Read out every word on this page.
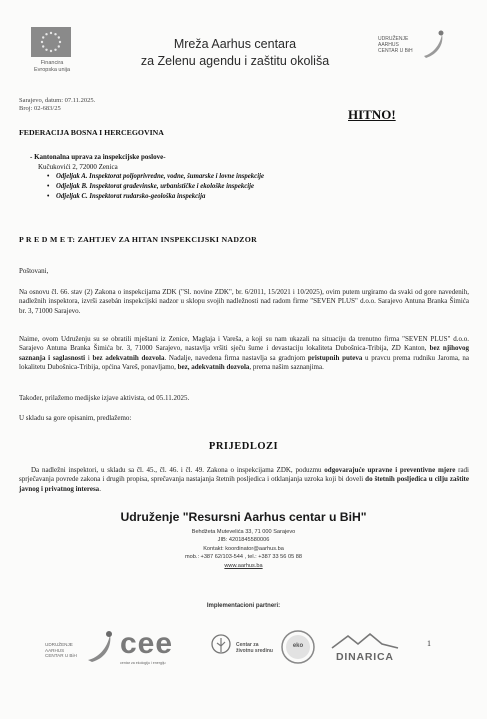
Financira
Evropska unija
Mreža Aarhus centara
za Zelenu agendu i zaštitu okoliša
UDRUŽENJE
AARHUS
CENTAR U BiH
Sarajevo, datum: 07.11.2025.
Broj: 02-683/25	HITNO!
FEDERACIJA BOSNA I HERCEGOVINA
- Kantonalna uprava za inspekcijske poslove-
Kučukovići 2, 72000 Zenica
• Odjeljak A. Inspektorat poljoprivredne, vodne, šumarske i lovne inspekcije
• Odjeljak B. Inspektorat građevinske, urbanističke i ekološke inspekcije
• Odjeljak C. Inspektorat rudarsko-geološka inspekcija
P R E D M E T: ZAHTJEV ZA HITAN INSPEKCIJSKI NADZOR
Poštovani,
Na osnovu čl. 66. stav (2) Zakona o inspekcijama ZDK ("Sl. novine ZDK", br. 6/2011, 15/2021 i 10/2025), ovim putem urgiramo da svaki od gore navedenih, nadležnih inspektora, izvrši zasebán inspekcijski nadzor u sklopu svojih nadležnosti nad radom firme "SEVEN PLUS" d.o.o. Sarajevo Antuna Branka Šimića br. 3, 71000 Sarajevo.
Naime, ovom Udruženju su se obratili mještani iz Zenice, Maglaja i Vareša, a koji su nam ukazali na situaciju da trenutno firma "SEVEN PLUS" d.o.o. Sarajevo Antuna Branka Šimića br. 3, 71000 Sarajevo, nastavlja vršiti sječu šume i devastaciju lokaliteta Dubošnica-Tribija, ZD Kanton, bez njihovog saznanja i saglasnosti i bez adekvatnih dozvola. Nadalje, navedena firma nastavlja sa gradnjom pristupnih puteva u pravcu prema rudniku Jaroma, na lokalitetu Dubošnica-Tribija, općina Vareš, ponavljamo, bez, adekvatnih dozvola, prema našim saznanjima.
Također, prilažemo medijske izjave aktivista, od 05.11.2025.
U skladu sa gore opisanim, predlažemo:
PRIJEDLOZI
Da nadležni inspektori, u skladu sa čl. 45., čl. 46. i čl. 49. Zakona o inspekcijama ZDK, poduzmu odgovarajuće upravne i preventivne mjere radi sprječavanja povrede zakona i drugih propisa, sprečavanja nastajanja štetnih posljedica i otklanjanja uzroka koji bi doveli do štetnih posljedica u cilju zaštite javnog i privatnog interesa.
Udruženje "Resursni Aarhus centar u BiH"
Behdžeta Mutevelića 33, 71 000 Sarajevo
JIB: 4201845580006
Kontakt: koordinator@aarhus.ba
mob.: +387 62/103-544 , tel.: +387 33 56 05 88
www.aarhus.ba
Implementacioni partneri:
UDRUŽENJE
AARHUS
CENTAR U BiH cee
centar za ekologiju i energiju
Centar za
životnu sredinu
eko
DINARICA
1
